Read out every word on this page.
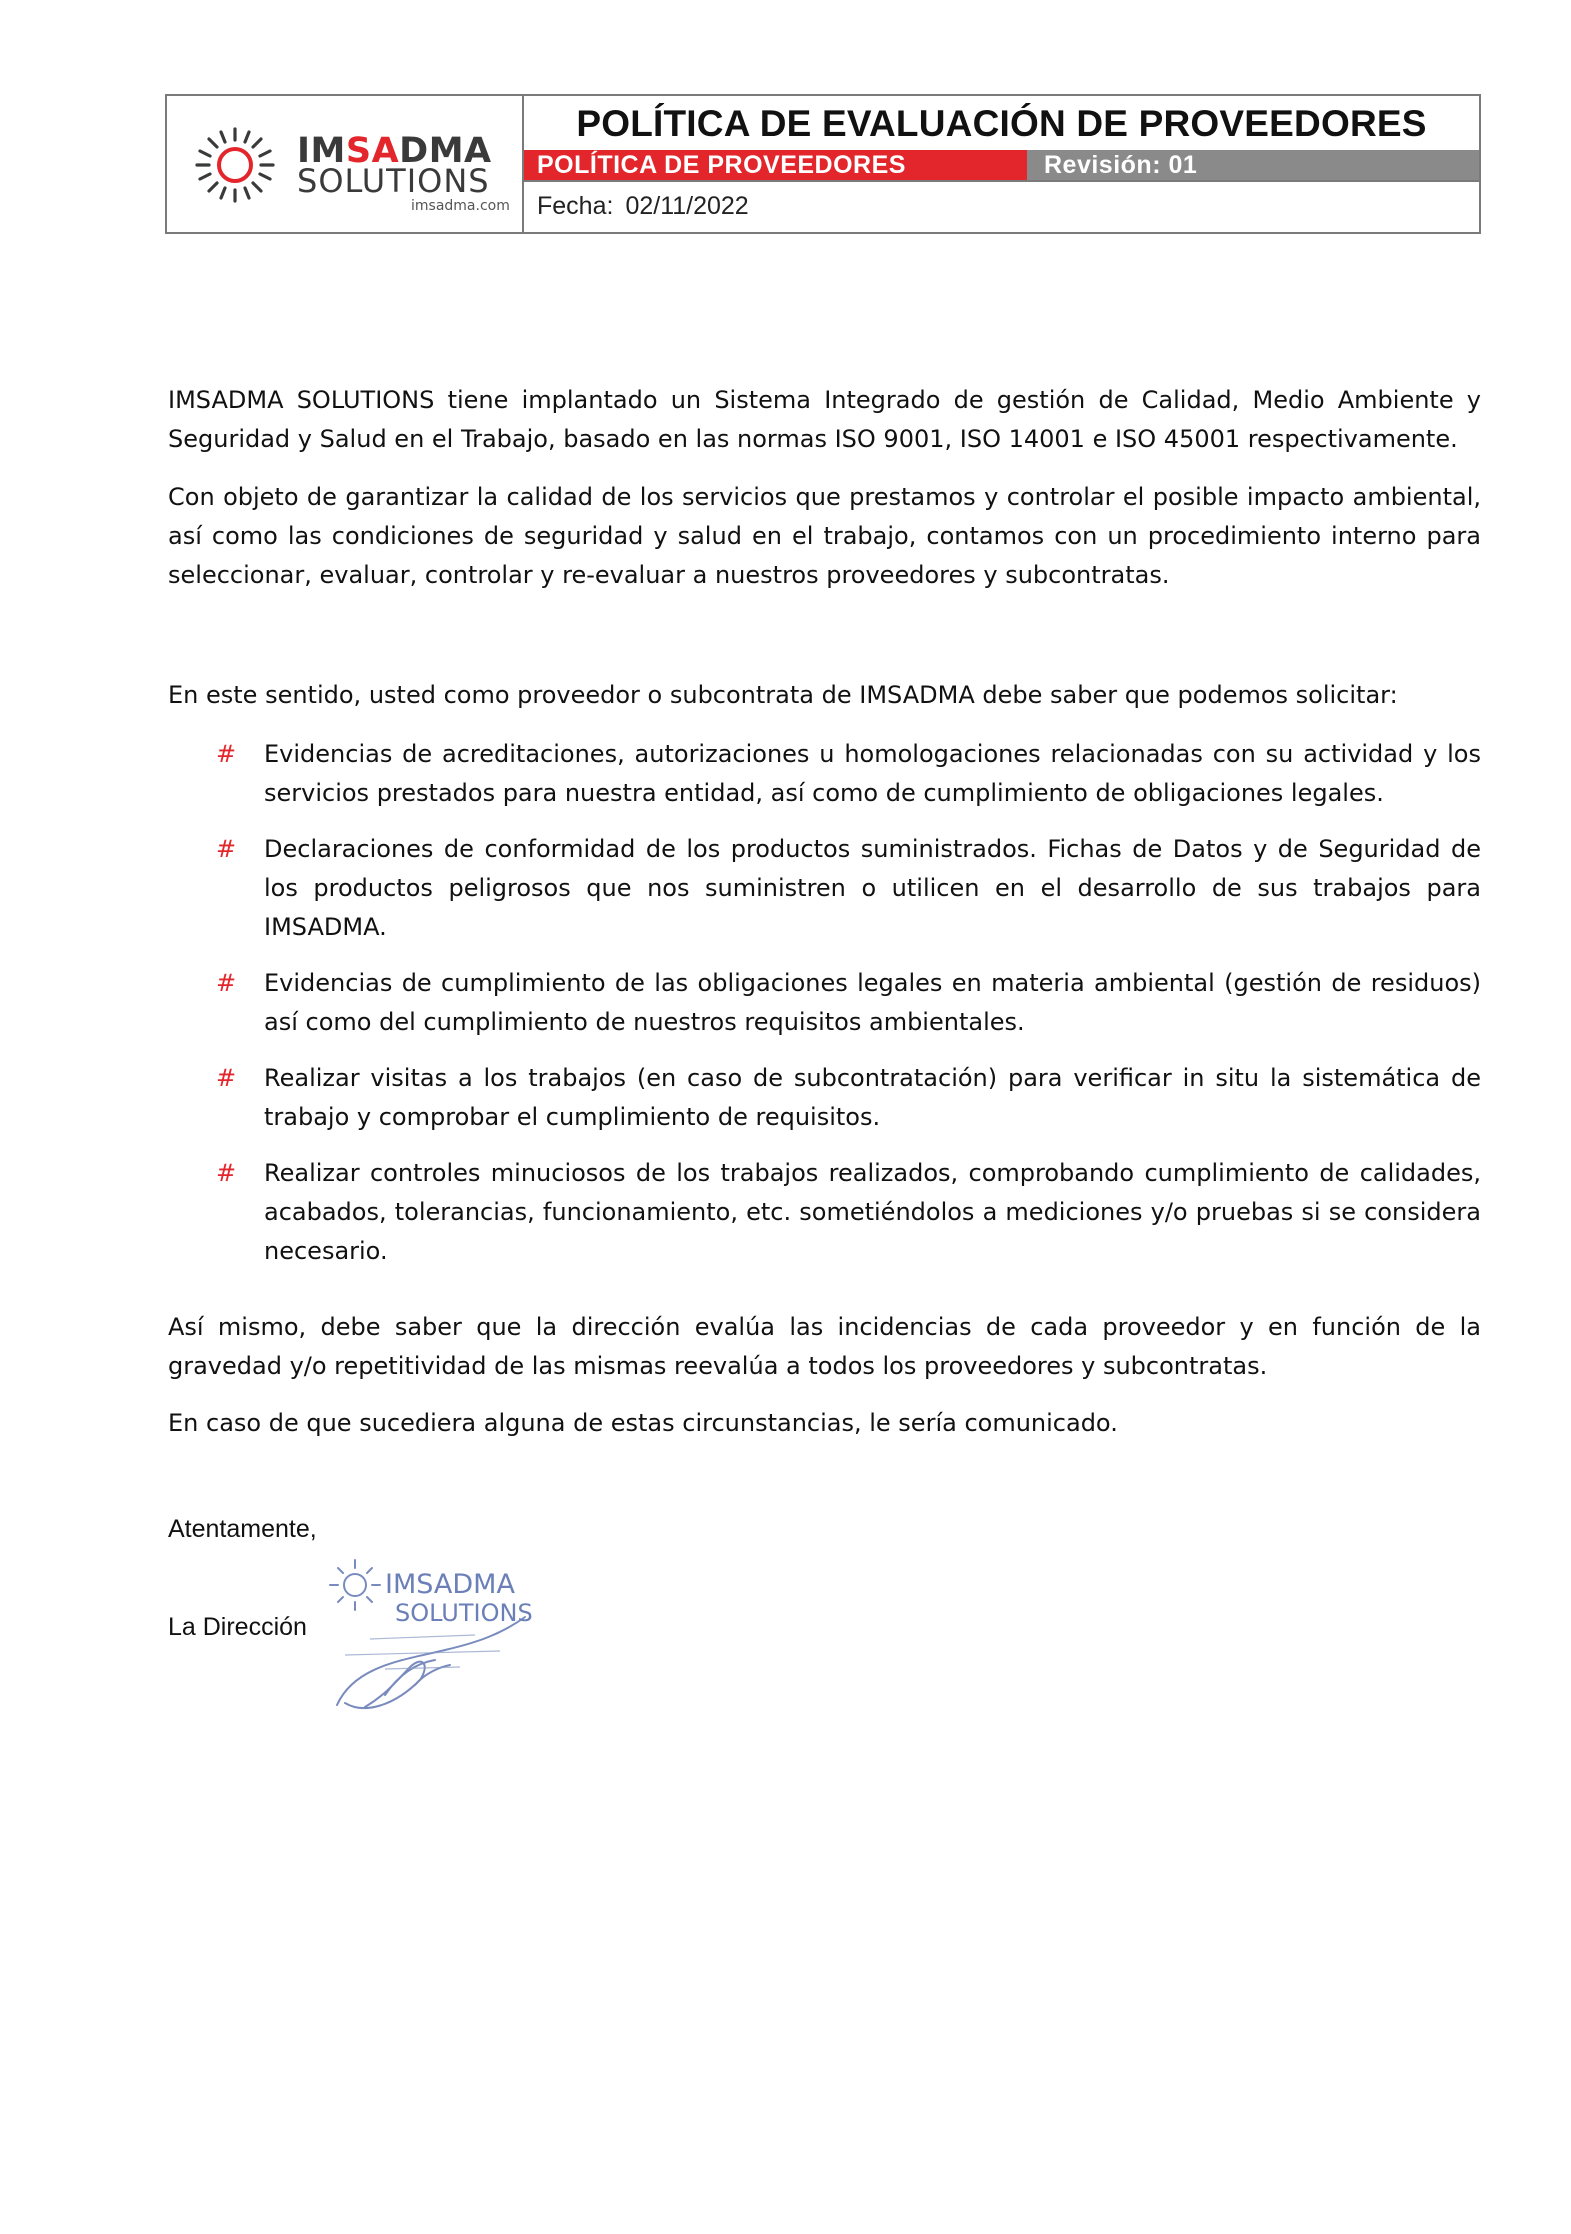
IMSADMA
SOLUTIONS
imsadma.com
POLÍTICA DE EVALUACIÓN DE PROVEEDORES
POLÍTICA DE PROVEEDORES	Revisión: 01
Fecha: 02/11/2022
IMSADMA SOLUTIONS tiene implantado un Sistema Integrado de gestión de Calidad, Medio Ambiente y Seguridad y Salud en el Trabajo, basado en las normas ISO 9001, ISO 14001 e ISO 45001 respectivamente.
Con objeto de garantizar la calidad de los servicios que prestamos y controlar el posible impacto ambiental, así como las condiciones de seguridad y salud en el trabajo, contamos con un procedimiento interno para seleccionar, evaluar, controlar y re-evaluar a nuestros proveedores y subcontratas.
En este sentido, usted como proveedor o subcontrata de IMSADMA debe saber que podemos solicitar:
# Evidencias de acreditaciones, autorizaciones u homologaciones relacionadas con su actividad y los servicios prestados para nuestra entidad, así como de cumplimiento de obligaciones legales.
# Declaraciones de conformidad de los productos suministrados. Fichas de Datos y de Seguridad de los productos peligrosos que nos suministren o utilicen en el desarrollo de sus trabajos para IMSADMA.
# Evidencias de cumplimiento de las obligaciones legales en materia ambiental (gestión de residuos) así como del cumplimiento de nuestros requisitos ambientales.
# Realizar visitas a los trabajos (en caso de subcontratación) para verificar in situ la sistemática de trabajo y comprobar el cumplimiento de requisitos.
# Realizar controles minuciosos de los trabajos realizados, comprobando cumplimiento de calidades, acabados, tolerancias, funcionamiento, etc. sometiéndolos a mediciones y/o pruebas si se considera necesario.
Así mismo, debe saber que la dirección evalúa las incidencias de cada proveedor y en función de la gravedad y/o repetitividad de las mismas reevalúa a todos los proveedores y subcontratas.
En caso de que sucediera alguna de estas circunstancias, le sería comunicado.
Atentamente,
La Dirección
IMSADMA
SOLUTIONS
